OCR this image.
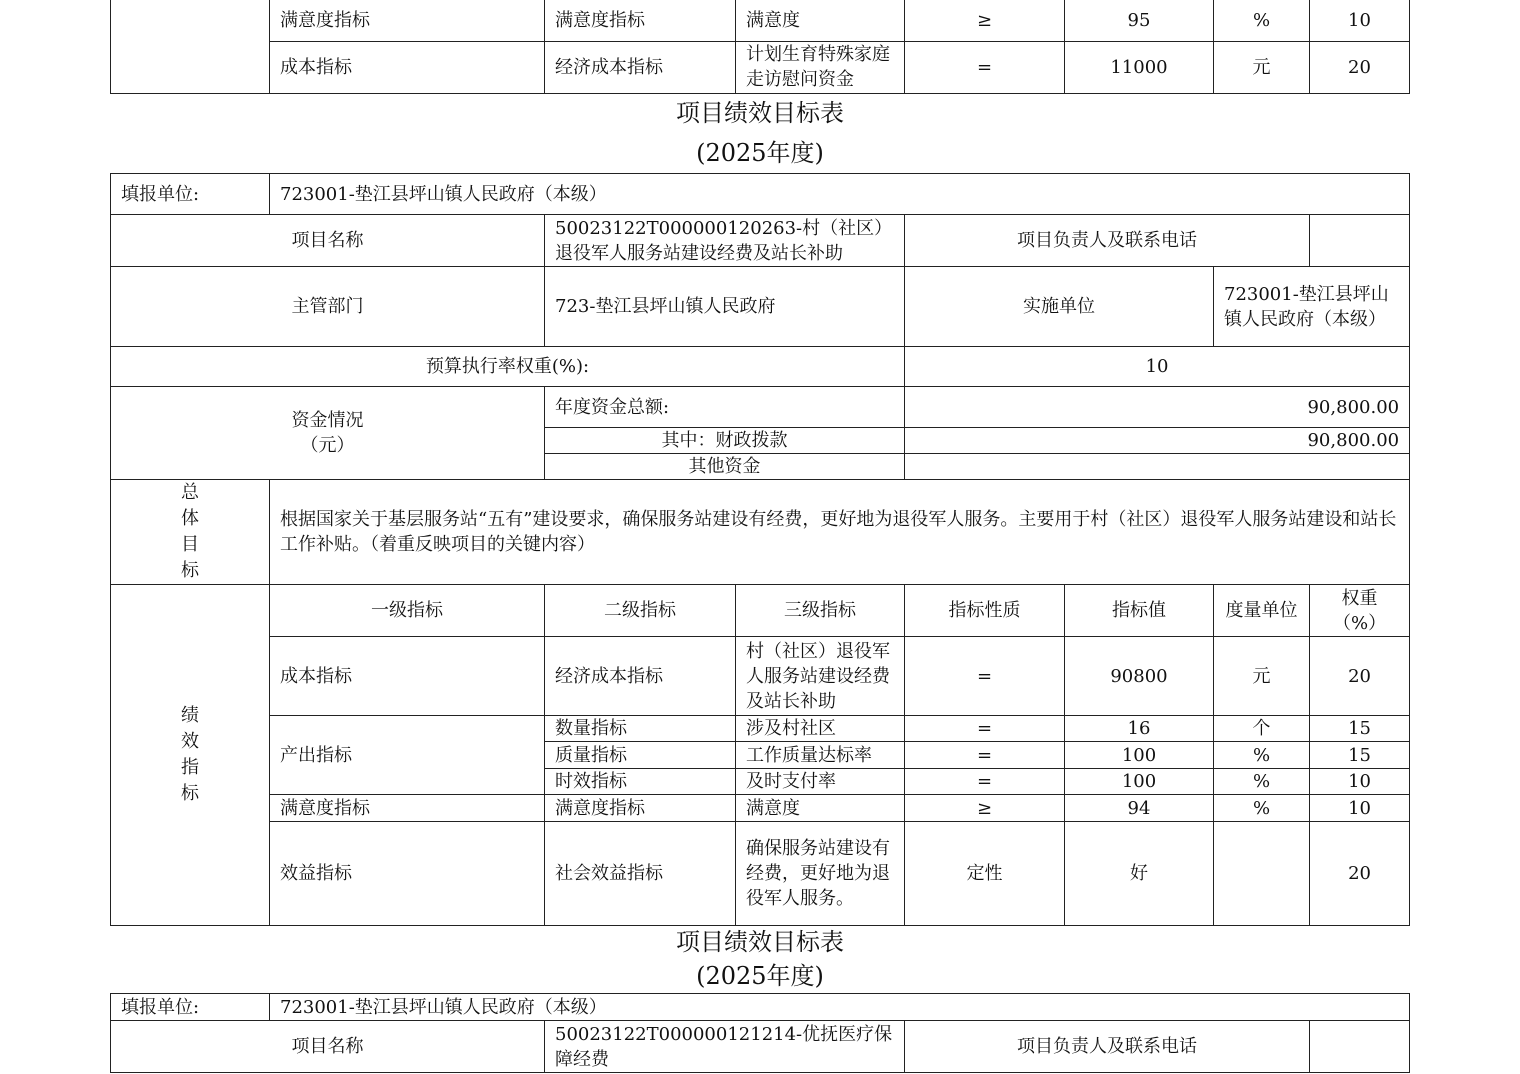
	满意度指标	满意度指标	满意度	≥	95	%	10
	成本指标	经济成本指标	计划生育特殊家庭走访慰问资金	=	11000	元	20
项目绩效目标表
(2025年度)
填报单位:	723001-垫江县坪山镇人民政府（本级）						
项目名称		50023122T000000120263-村（社区）退役军人服务站建设经费及站长补助		项目负责人及联系电话			
主管部门		723-垫江县坪山镇人民政府		实施单位		723001-垫江县坪山镇人民政府（本级）	
预算执行率权重(%):				10			

资金情况（元）		年度资金总额:		90,800.00			
		其中：财政拨款		90,800.00			
		其他资金					

总体目标	根据国家关于基层服务站“五有”建设要求，确保服务站建设有经费，更好地为退役军人服务。主要用于村（社区）退役军人服务站建设和站长工作补贴。（着重反映项目的关键内容）						

绩效指标	一级指标	二级指标	三级指标	指标性质	指标值	度量单位	权重（%）
	成本指标	经济成本指标	村（社区）退役军人服务站建设经费及站长补助	=	90800	元	20
	产出指标	数量指标	涉及村社区	=	16	个	15
		质量指标	工作质量达标率	=	100	%	15
		时效指标	及时支付率	=	100	%	10
	满意度指标	满意度指标	满意度	≥	94	%	10
	效益指标	社会效益指标	确保服务站建设有经费，更好地为退役军人服务。	定性	好		20
项目绩效目标表
(2025年度)
填报单位:	723001-垫江县坪山镇人民政府（本级）			
项目名称		50023122T000000121214-优抚医疗保障经费	项目负责人及联系电话	
